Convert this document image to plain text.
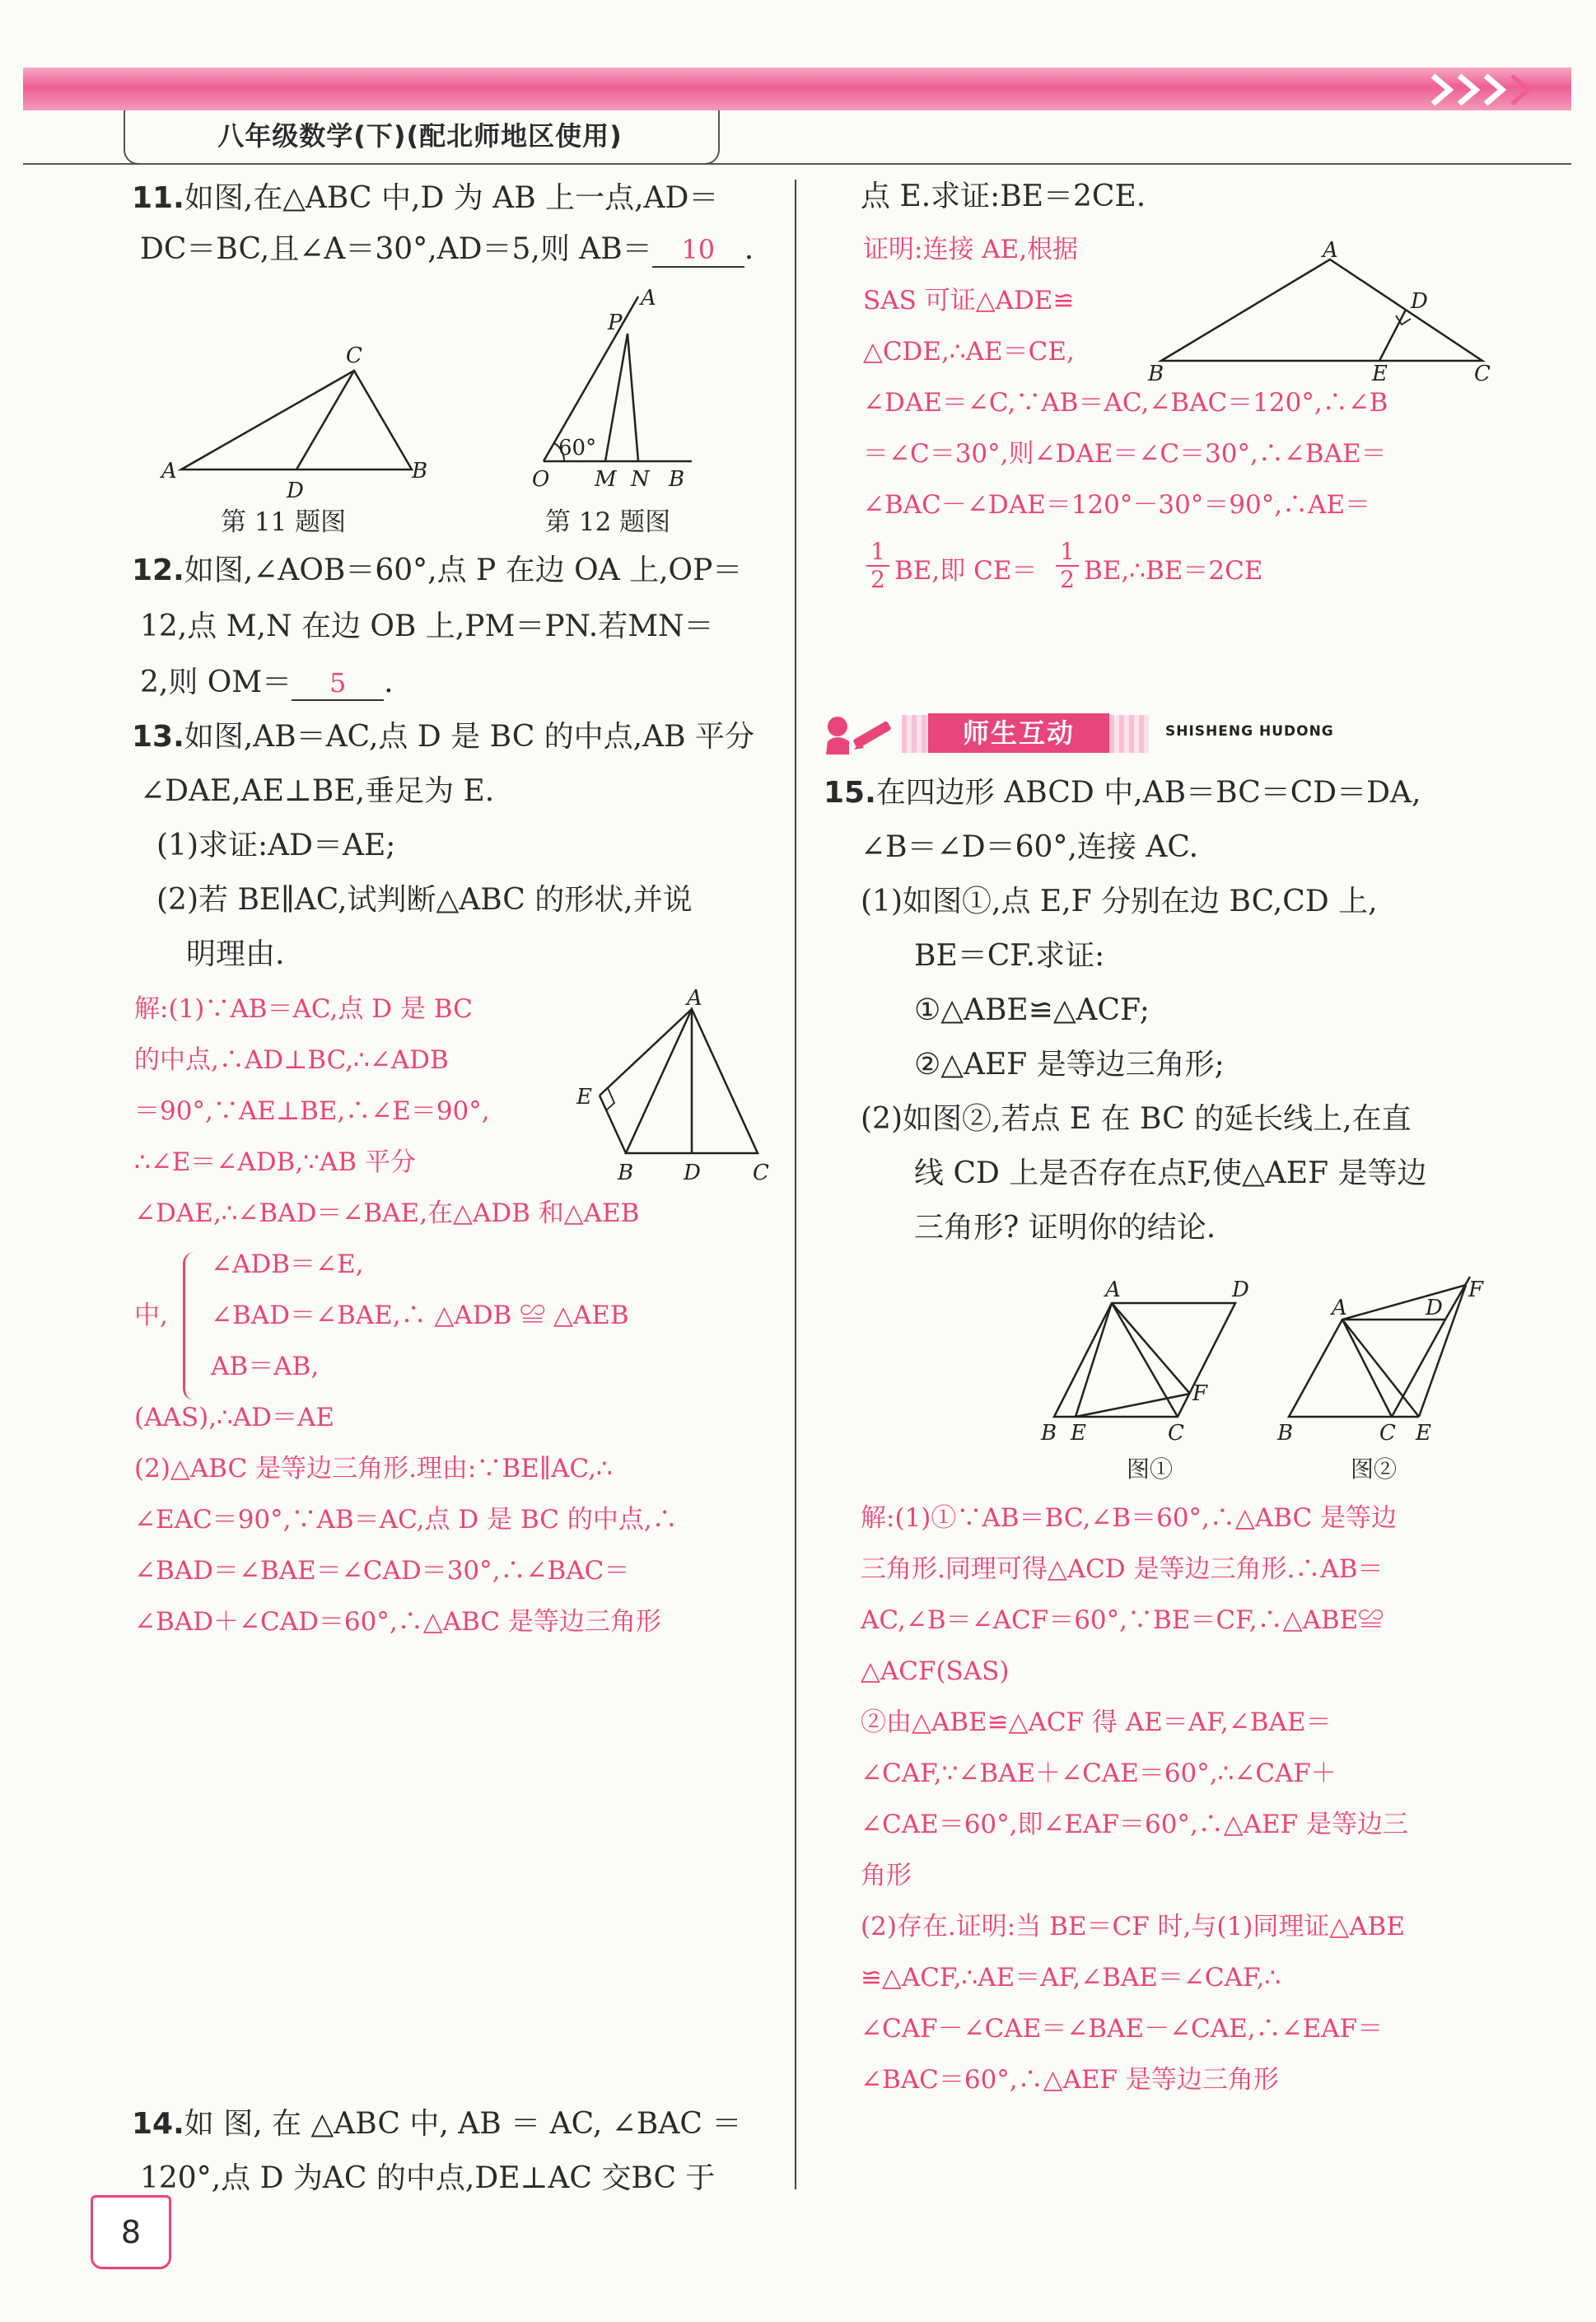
八年级数学(下)(配北师地区使用)
11.如图,在△ABC 中,D 为 AB 上一点,AD＝
DC＝BC,且∠A＝30°,AD＝5,则 AB＝ 10 .
A	B
C
D
第 11 题图
A
P
O M N B
60°
第 12 题图
12.如图,∠AOB＝60°,点 P 在边 OA 上,OP＝
12,点 M,N 在边 OB 上,PM＝PN.若MN＝
2,则 OM＝ 5 .
13.如图,AB＝AC,点 D 是 BC 的中点,AB 平分
∠DAE,AE⊥BE,垂足为 E.
(1)求证:AD＝AE;
(2)若 BE∥AC,试判断△ABC 的形状,并说
明理由.
A
B D C
E
解:(1)∵AB＝AC,点 D 是 BC
的中点,∴AD⊥BC,∴∠ADB
＝90°,∵AE⊥BE,∴∠E＝90°,
∴∠E＝∠ADB,∵AB 平分
∠DAE,∴∠BAD＝∠BAE,在△ADB 和△AEB
中,
∠ADB＝∠E,
∠BAD＝∠BAE,∴ △ADB ≌ △AEB
AB＝AB,
(AAS),∴AD＝AE
(2)△ABC 是等边三角形.理由:∵BE∥AC,∴
∠EAC＝90°,∵AB＝AC,点 D 是 BC 的中点,∴
∠BAD＝∠BAE＝∠CAD＝30°,∴∠BAC＝
∠BAD＋∠CAD＝60°,∴△ABC 是等边三角形
14.如 图, 在 △ABC 中, AB ＝ AC, ∠BAC ＝
120°,点 D 为AC 的中点,DE⊥AC 交BC 于
点 E.求证:BE＝2CE.
A
B	E	C
D
证明:连接 AE,根据
SAS 可证△ADE≌
△CDE,∴AE＝CE,
∠DAE＝∠C,∵AB＝AC,∠BAC＝120°,∴∠B
＝∠C＝30°,则∠DAE＝∠C＝30°,∴∠BAE＝
∠BAC－∠DAE＝120°－30°＝90°,∴AE＝
$\frac{1}{2}$ BE,即 $CE= \frac{1}{2}$ BE,∴BE＝2CE
师生互动	SHISHENG HUDONG
15.在四边形 ABCD 中,AB＝BC＝CD＝DA,
∠B＝∠D＝60°,连接 AC.
(1)如图①,点 E,F 分别在边 BC,CD 上,
BE＝CF.求证:
①△ABE≌△ACF;
②△AEF 是等边三角形;
(2)如图②,若点 E 在 BC 的延长线上,在直
线 CD 上是否存在点F,使△AEF 是等边
三角形? 证明你的结论.
A	D
B E	C
F
图①
A	D
F
B	C E
图②
解:(1)①∵AB＝BC,∠B＝60°,∴△ABC 是等边
三角形.同理可得△ACD 是等边三角形.∴AB＝
AC,∠B＝∠ACF＝60°,∵BE＝CF,∴△ABE≌
△ACF(SAS)
②由△ABE≌△ACF 得 AE＝AF,∠BAE＝
∠CAF,∵∠BAE＋∠CAE＝60°,∴∠CAF＋
∠CAE＝60°,即∠EAF＝60°,∴△AEF 是等边三
角形
(2)存在.证明:当 BE＝CF 时,与(1)同理证△ABE
≌△ACF,∴AE＝AF,∠BAE＝∠CAF,∴
∠CAF－∠CAE＝∠BAE－∠CAE,∴∠EAF＝
∠BAC＝60°,∴△AEF 是等边三角形
8
